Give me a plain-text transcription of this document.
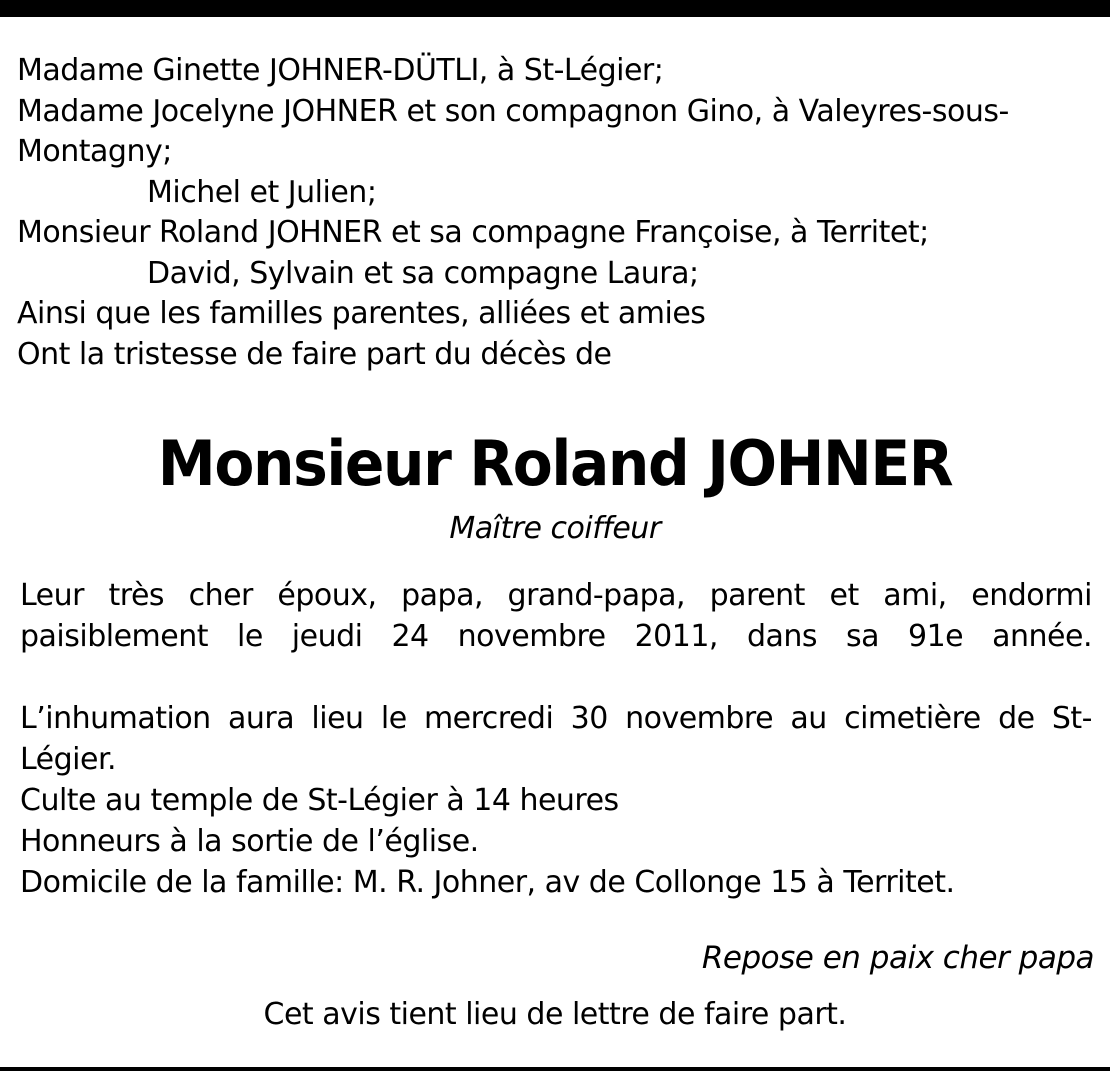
Madame Ginette JOHNER-DÜTLI, à St-Légier;
Madame Jocelyne JOHNER et son compagnon Gino, à Valeyres-sous-
Montagny;
Michel et Julien;
Monsieur Roland JOHNER et sa compagne Françoise, à Territet;
David, Sylvain et sa compagne Laura;
Ainsi que les familles parentes, alliées et amies
Ont la tristesse de faire part du décès de
Monsieur Roland JOHNER
Maître coiffeur
Leur très cher époux, papa, grand-papa, parent et ami, endormi
paisiblement le jeudi 24 novembre 2011, dans sa 91e année.
L’inhumation aura lieu le mercredi 30 novembre au cimetière de St-
Légier.
Culte au temple de St-Légier à 14 heures
Honneurs à la sortie de l’église.
Domicile de la famille: M. R. Johner, av de Collonge 15 à Territet.
Repose en paix cher papa
Cet avis tient lieu de lettre de faire part.
